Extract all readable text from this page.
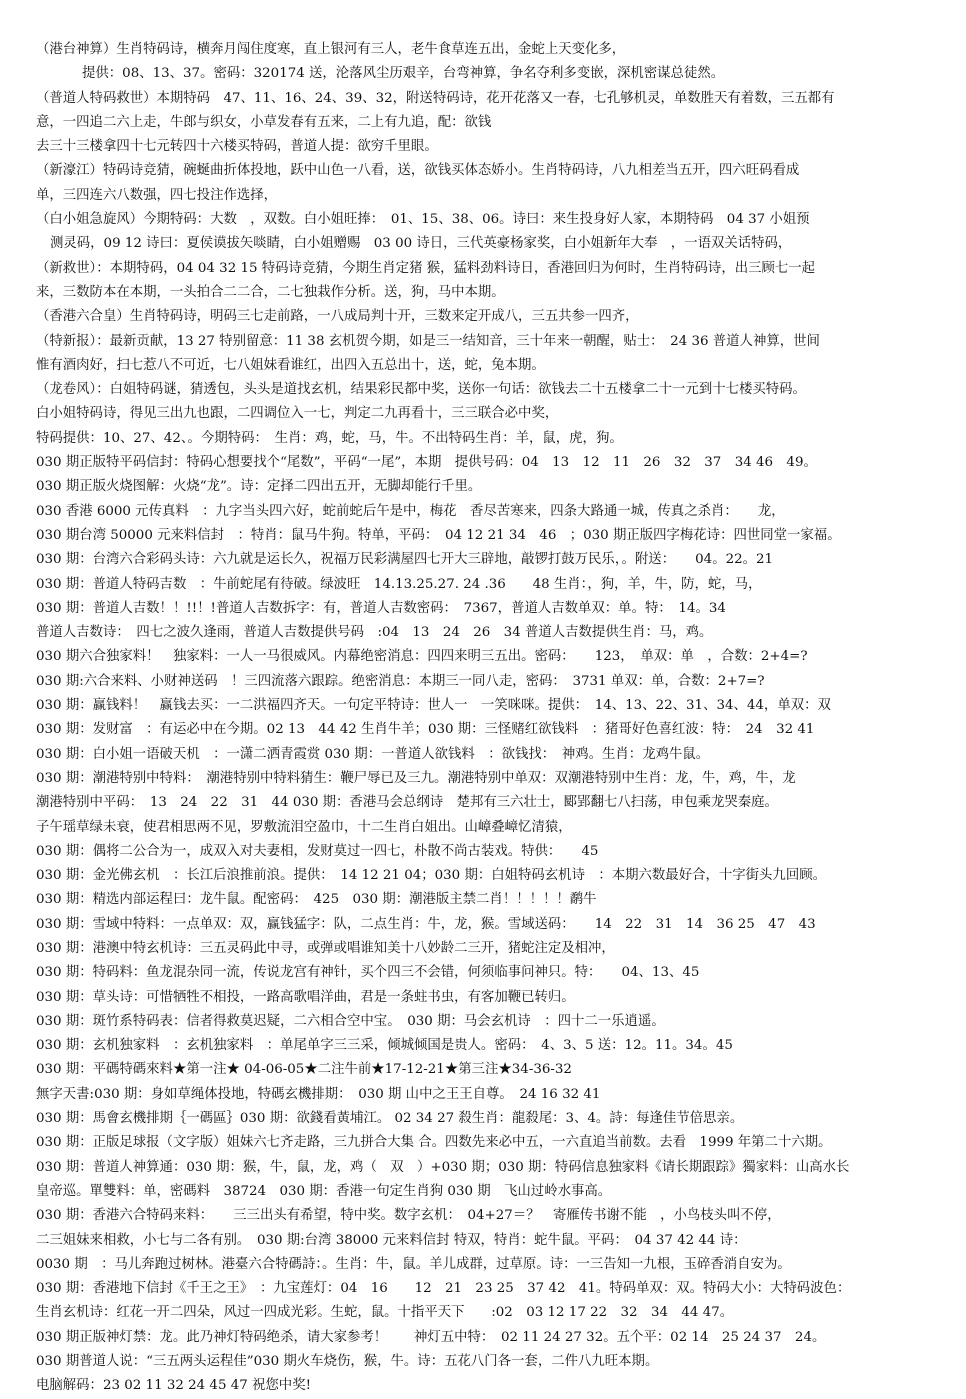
（港台神算）生肖特码诗，横奔月闯住度寒，直上银河有三人，老牛食草连五出，金蛇上天变化多，
提供：08、13、37。密码：320174 送，沦落风尘历艰辛，台弯神算，争名夺利多变嵌，深机密谋总徒然。
（普道人特码救世）本期特码　47、11、16、24、39、32，附送特码诗，花开花落又一春，七孔够机灵，单数胜天有着数，三五都有
意，一四追二六上走，牛郎与织女，小草发春有五来，二上有九追，配：欲钱
去三十三楼拿四十七元转四十六楼买特码，普道人提：欲穷千里眼。
（新濠江）特码诗竞猜，碗蜒曲折体投地，跃中山色一八看，送，欲钱买体态娇小。生肖特码诗，八九相差当五开，四六旺码看成
单，三四连六八数强，四七投注作选择，
（白小姐急旋风）今期特码：大数　，双数。白小姐旺捧：　01、15、38、06。诗曰：来生投身好人家，本期特码　04 37 小姐预
测灵码，09 12 诗曰：夏侯谟拔矢啖睛，白小姐赠赐　03 00 诗日，三代英豪杨家奖，白小姐新年大奉　，一语双关话特码，
（新救世）：本期特码，04 04 32 15 特码诗竞猜，今期生肖定猪 猴，猛料劲料诗日，香港回归为何时，生肖特码诗，出三顾七一起
来，三数防本在本期，一头拍合二二合，二七独栽作分析。送，狗，马中本期。
（香港六合皇）生肖特码诗，明码三七走前路，一八成局判十开，三数来定开成八，三五共参一四齐，
（特新报）：最新贡献，13 27 特别留意：11 38 玄机贺今期，如是三一结知音，三十年来一朝醒，贴士：　24 36 普道人神算，世间
惟有酒肉好，扫七惹八不可近，七八姐妹看谁红，出四入五总出十，送，蛇，兔本期。
（龙卷风）：白姐特码谜，猜透包，头头是道找玄机，结果彩民都中奖，送你一句话：欲钱去二十五楼拿二十一元到十七楼买特码。
白小姐特码诗，得见三出九也跟，二四调位入一七，判定二九再看十，三三联合必中奖，
特码提供：10、27、42、。今期特码：　生肖：鸡，蛇，马，牛。不出特码生肖：羊，鼠，虎，狗。
030 期正版特平码信封：特码心想要找个“尾数”，平码“一尾”，本期　提供号码：04　13　12　11　26　32　37　34 46　49。
030 期正版火烧图解：火烧“龙”。诗：定择二四出五开，无脚却能行千里。
030 香港 6000 元传真料　：九字当头四六好，蛇前蛇后午是中，梅花　香尽苦寒来，四条大路通一城，传真之杀肖：　　龙，
030 期台湾 50000 元来料信封　：特肖：鼠马牛狗。特单，平码：　04 12 21 34　46　；030 期正版四字梅花诗：四世同堂一家福。
030 期：台湾六合彩码头诗：六九就是运长久，祝福万民彩满屋四七开大三辟地，敲锣打鼓万民乐，。附送：　　04。22。21
030 期：普道人特码吉数　：牛前蛇尾有待破。绿波旺　14.13.25.27. 24 .36　　48 生肖：，狗，羊，牛，防，蛇，马，
030 期：普道人吉数！！!!！!普道人吉数拆字：有，普道人吉数密码：　7367，普道人吉数单双：单。特：　14。34
普道人吉数诗：　四七之波久逢雨，普道人吉数提供号码　:04　13　24　26　34 普道人吉数提供生肖：马，鸡。
030 期六合独家料！　独家料：一人一马很威风。内幕绝密消息：四四来明三五出。密码：　　123，　单双：单　，合数：2+4=?
030 期:六合来料、小财神送码　！三四流落六跟踪。绝密消息：本期三一同八走，密码：　3731 单双：单，合数：2+7=?
030 期：赢钱料！　赢钱去买：一二洪福四齐天。一句定平特诗：世人一　一笑咪咪。提供：　14、13、22、31、34、44，单双：双
030 期：发财富　：有运必中在今期。02 13　44 42 生肖牛羊；030 期：三怪赌红欲钱料　：猪哥好色喜红波：特：　24　32 41
030 期：白小姐一语破天机　：一潇二洒青霞赏 030 期：一普道人欲钱料　：欲钱找：　神鸡。生肖：龙鸡牛鼠。
030 期：潮港特别中特料：　潮港特别中特料猜生：鞭尸辱已及三九。潮港特别中单双：双潮港特别中生肖：龙，牛，鸡，牛，龙
潮港特别中平码：　13　24　22　31　44 030 期：香港马会总纲诗　楚邦有三六壮士，郾郢翻七八扫荡，申包乘龙哭秦庭。
子午瑶草绿未衰，使君相思两不见，罗敷流泪空盈巾，十二生肖白姐出。山嶂叠嶂忆清猿，
030 期：偶将二公合为一，成双入对夫妻相，发财莫过一四七，朴散不尚古装戏。特供：　　45
030 期：金光佛玄机　：长江后浪推前浪。提供：　14 12 21 04；030 期：白姐特码玄机诗　：本期六数最好合，十字街头九回顾。
030 期：精选内部运程曰：龙牛鼠。配密码：　425　030 期：潮港版主禁二肖！！！！！鹬牛
030 期：雪域中特料：一点单双：双，赢钱猛字：队，二点生肖：牛，龙，猴。雪域送码：　　14　22　31　14　36 25　47　43
030 期：港澳中特玄机诗：三五灵码此中寻，或弹或唱谁知美十八妙龄二三开，猪蛇注定及相冲，
030 期：特码料：鱼龙混杂同一流，传说龙宫有神针，买个四三不会错，何须临事问神只。特：　　04、13、45
030 期：草头诗：可惜牺牲不相投，一路高歌唱洋曲，君是一条蛀书虫，有客加鞭已转归。
030 期：斑竹系特码表：信者得救莫迟疑，二六相合空中宝。　030 期：马会玄机诗　：四十二一乐逍遥。
030 期：玄机独家料　：玄机独家料　：单尾单字三三采，倾城倾国是贵人。密码：　4、3、5 送：12。11。34。45
030 期：平碼特碼來料★第一注★ 04-06-05★二注牛前★17-12-21★第三注★34-36-32
無字天書:030 期：身如草绳体投地，特碼玄機排期：　030 期 山中之王王自尊。　24 16 32 41
030 期：馬會玄機排期｛一碼區｝030 期：欲錢看黃埔江。 02 34 27 殺生肖：龍殺尾：3、4。詩：每逢佳节倍思亲。
030 期：正版足球报（文字版）姐妹六七齐走路，三九拼合大集 合。四数先来必中五，一六直追当前数。去看　1999 年第二十六期。
030 期：普道人神算通：030 期：猴，牛，鼠，龙，鸡（　双　）+030 期；030 期：特码信息独家料《请长期跟踪》獨家料：山高水长
皇帝巡。單雙料：单，密碼料　38724　030 期：香港一句定生肖狗 030 期　飞山过岭水事高。
030 期：香港六合特码来料：　　三三出头有希望，特中奖。数字玄机：　04+27＝？　寄雁传书谢不能　，小鸟枝头叫不停，
二三姐妹来相救，小七与二各有别。　030 期:台湾 38000 元来料信封 特双，特肖：蛇牛鼠。平码：　04 37 42 44 诗：
0030 期　：马儿奔跑过树林。港臺六合特碼詩：。生肖：牛，鼠。羊儿成群，过草原。诗：一三告知一九根，玉碎香消自安为。
030 期：香港地下信封《千王之王》　：九宝莲灯：04　16　　12　21　23 25　37 42　41。特码单双：双。特码大小：大特码波色：
生肖玄机诗：红花一开二四朵，风过一四成光彩。生蛇，鼠。十指平天下　　:02　03 12 17 22　32　34　44 47。
030 期正版神灯禁：龙。此乃神灯特码绝杀，请大家参考！　　神灯五中特：　02 11 24 27 32。五个平：02 14　25 24 37　24。
030 期普道人说：“三五两头运程佳”030 期火车烧伤，猴，牛。诗：五花八门各一套，二件八九旺本期。
电脑解码：23 02 11 32 24 45 47 祝您中奖!
